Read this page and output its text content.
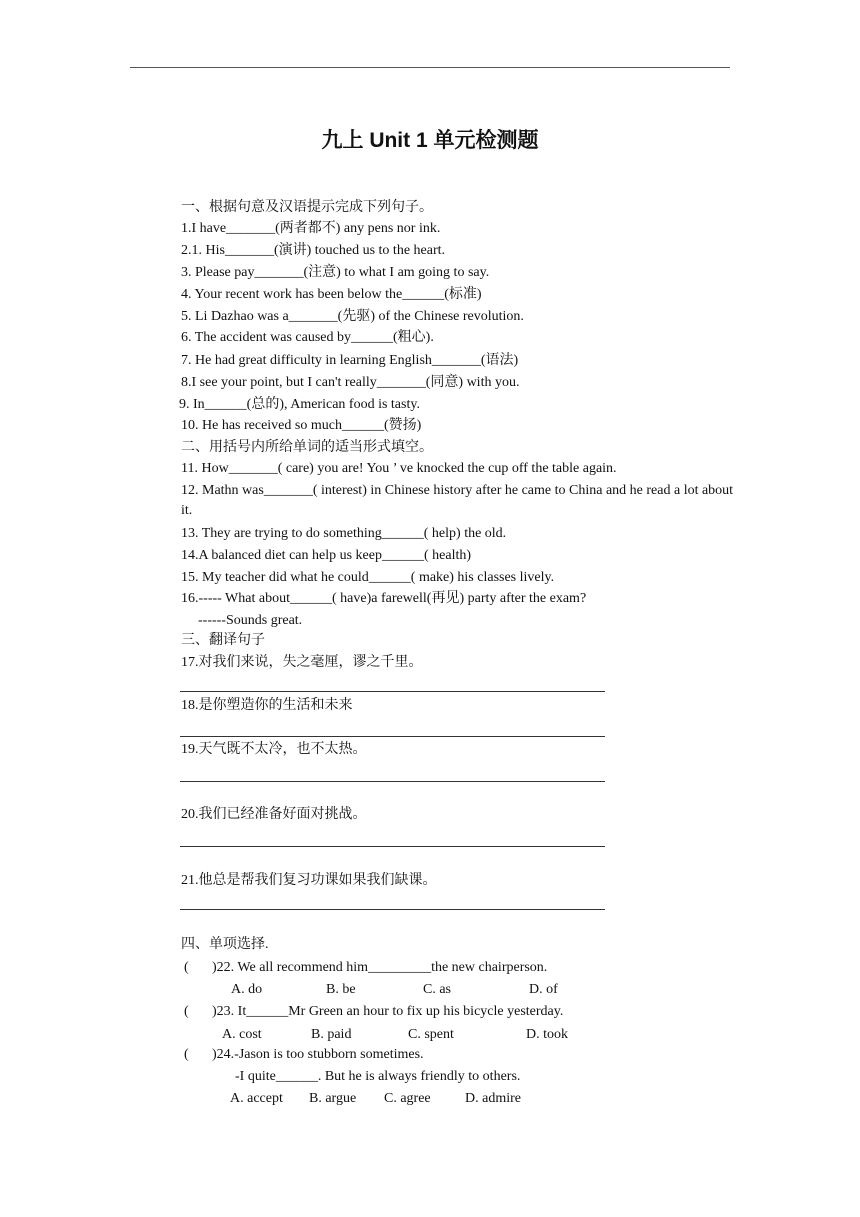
九上 Unit 1 单元检测题
一、根据句意及汉语提示完成下列句子。
1.I have_______(两者都不) any pens nor ink.
2.1. His_______(演讲) touched us to the heart.
3. Please pay_______(注意) to what I am going to say.
4. Your recent work has been below the______(标准)
5. Li Dazhao was a_______(先驱) of the Chinese revolution.
6. The accident was caused by______(粗心).
7. He had great difficulty in learning English_______(语法)
8.I see your point, but I can't really_______(同意) with you.
9. In______(总的), American food is tasty.
10. He has received so much______(赞扬)
二、用括号内所给单词的适当形式填空。
11. How_______( care) you are! You ’ ve knocked the cup off the table again.
12. Mathn was_______( interest) in Chinese history after he came to China and he read a lot about it.
13. They are trying to do something______( help) the old.
14.A balanced diet can help us keep______( health)
15. My teacher did what he could______( make) his classes lively.
16.----- What about______( have)a farewell(再见) party after the exam?
------Sounds great.
三、翻译句子
17.对我们来说，失之毫厘，谬之千里。
18.是你塑造你的生活和未来
19.天气既不太冷，也不太热。
20.我们已经准备好面对挑战。
21.他总是帮我们复习功课如果我们缺课。
四、单项选择.
( )22. We all recommend him_________the new chairperson.
A. do	B. be	C. as	D. of
( )23. It______Mr Green an hour to fix up his bicycle yesterday.
A. cost	B. paid	C. spent	D. took
( )24.-Jason is too stubborn sometimes.
-I quite______. But he is always friendly to others.
A. accept B. argue C. agree D. admire
